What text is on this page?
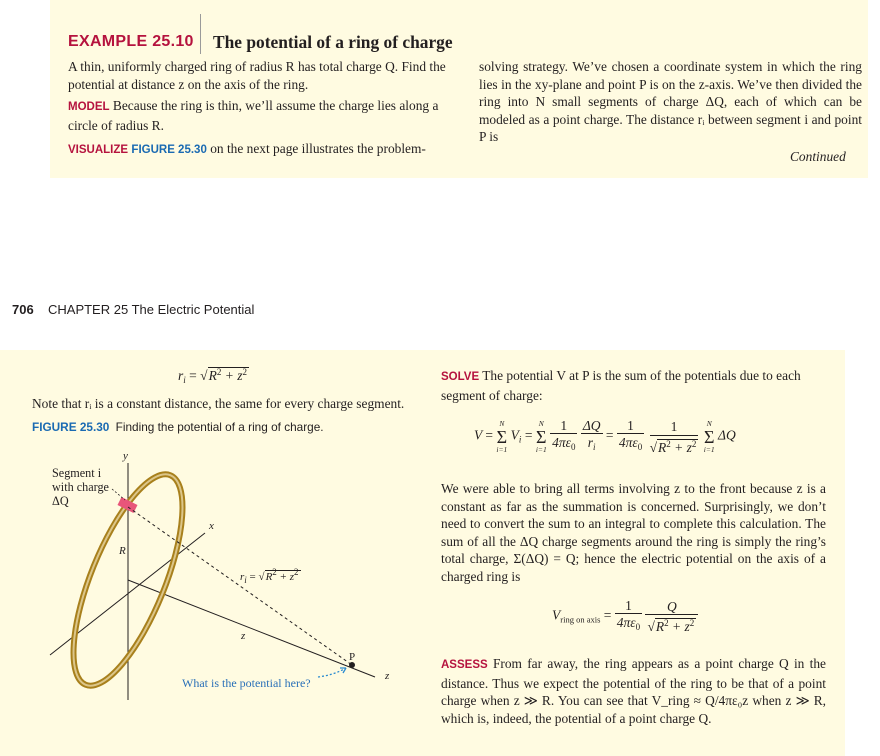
EXAMPLE 25.10 The potential of a ring of charge
A thin, uniformly charged ring of radius R has total charge Q. Find the potential at distance z on the axis of the ring.
MODEL Because the ring is thin, we’ll assume the charge lies along a circle of radius R.
VISUALIZE FIGURE 25.30 on the next page illustrates the problem-
solving strategy. We’ve chosen a coordinate system in which the ring lies in the xy-plane and point P is on the z-axis. We’ve then divided the ring into N small segments of charge ΔQ, each of which can be modeled as a point charge. The distance rᵢ between segment i and point P is
Continued
706 CHAPTER 25 The Electric Potential
$r_i = √R^2 + z^2$
Note that rᵢ is a constant distance, the same for every charge segment.
FIGURE 25.30 Finding the potential of a ring of charge.
Segment i
with charge
ΔQ
y
x
z
R
$r_i = √R^2 + z^2$
z
P
What is the potential here?
SOLVE The potential V at P is the sum of the potentials due to each segment of charge:
V =
N
Σ
i=1
$V_i$ =
N
Σ
i=1
$\frac{1}{4\pi\varepsilon_0}$
$\frac{\Delta Q}{r_i} = \frac{1}{4\pi\varepsilon_0}$
	1
$√R^2 + z^2$

N
Σ
i=1
ΔQ
We were able to bring all terms involving z to the front because z is a constant as far as the summation is concerned. Surprisingly, we don’t need to convert the sum to an integral to complete this calculation. The sum of all the ΔQ charge segments around the ring is simply the ring’s total charge, Σ(ΔQ) = Q; hence the electric potential on the axis of a charged ring is
$V_{ring on axis} = \frac{1}{4\pi\varepsilon_0}$
$\frac{Q}{√R^2 + z^2}$
ASSESS From far away, the ring appears as a point charge Q in the distance. Thus we expect the potential of the ring to be that of a point charge when z ≫ R. You can see that V_ring ≈ Q/4πε₀z when z ≫ R, which is, indeed, the potential of a point charge Q.
